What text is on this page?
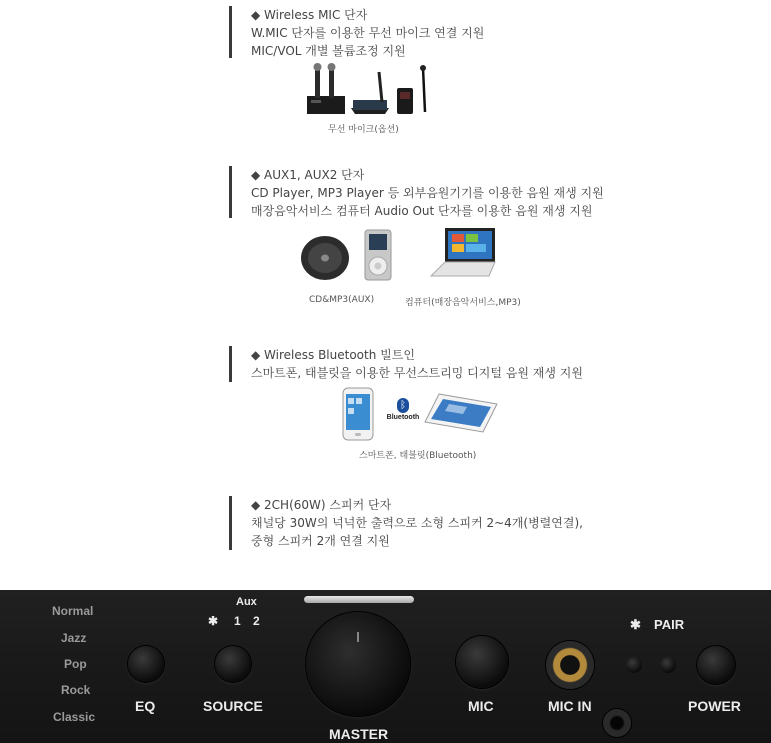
◆ Wireless MIC 단자
W.MIC 단자를 이용한 무선 마이크 연결 지원
MIC/VOL 개별 볼륨조정 지원
무선 마이크(옵션)
◆ AUX1, AUX2 단자
CD Player, MP3 Player 등 외부음원기기를 이용한 음원 재생 지원
매장음악서비스 컴퓨터 Audio Out 단자를 이용한 음원 재생 지원
CD&MP3(AUX)	컴퓨터(매장음악서비스,MP3)
◆ Wireless Bluetooth 빌트인
스마트폰, 태블릿을 이용한 무선스트리밍 디지털 음원 재생 지원
ᛒ
Bluetooth
스마트폰, 태블릿(Bluetooth)
◆ 2CH(60W) 스피커 단자
채널당 30W의 넉넉한 출력으로 소형 스피커 2~4개(병렬연결),
중형 스피커 2개 연결 지원
Normal
Jazz
Pop
Rock
Classic
EQ
Aux
✱ 1 2
SOURCE
MASTER
MIC	MIC IN
✱ PAIR
POWER
